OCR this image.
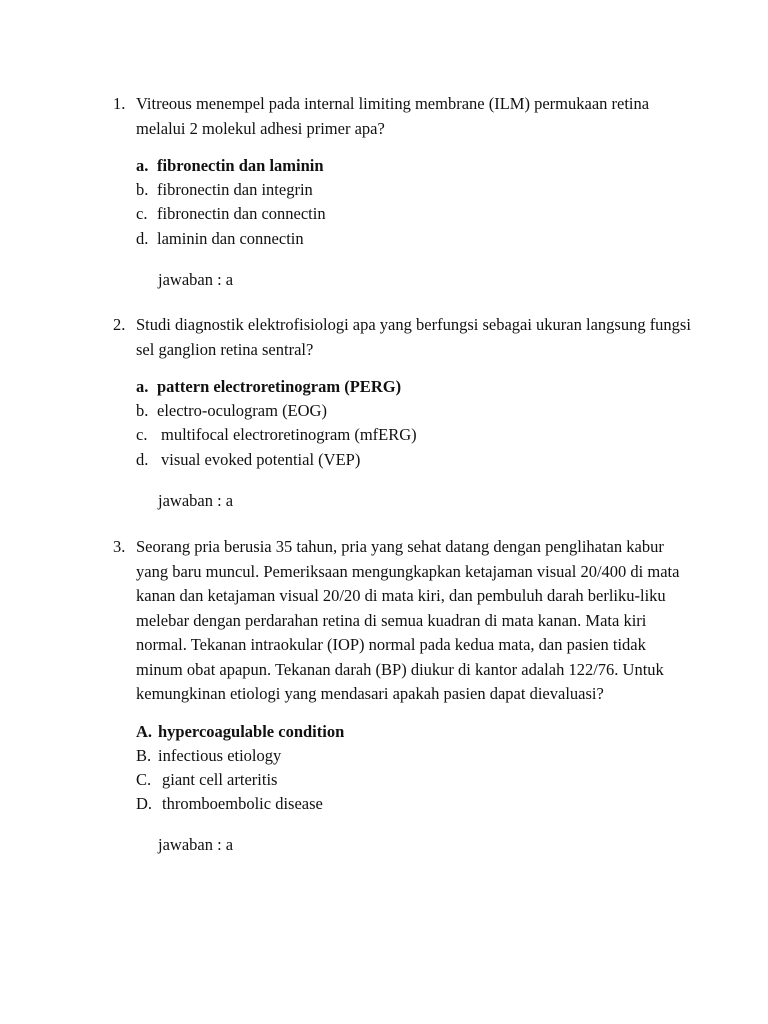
1. Vitreous menempel pada internal limiting membrane (ILM) permukaan retina melalui 2 molekul adhesi primer apa?
a. fibronectin dan laminin
b. fibronectin dan integrin
c. fibronectin dan connectin
d. laminin dan connectin
jawaban : a
2. Studi diagnostik elektrofisiologi apa yang berfungsi sebagai ukuran langsung fungsi sel ganglion retina sentral?
a. pattern electroretinogram (PERG)
b. electro-oculogram (EOG)
c. multifocal electroretinogram (mfERG)
d. visual evoked potential (VEP)
jawaban : a
3. Seorang pria berusia 35 tahun, pria yang sehat datang dengan penglihatan kabur yang baru muncul. Pemeriksaan mengungkapkan ketajaman visual 20/400 di mata kanan dan ketajaman visual 20/20 di mata kiri, dan pembuluh darah berliku-liku melebar dengan perdarahan retina di semua kuadran di mata kanan. Mata kiri normal. Tekanan intraokular (IOP) normal pada kedua mata, dan pasien tidak minum obat apapun. Tekanan darah (BP) diukur di kantor adalah 122/76. Untuk kemungkinan etiologi yang mendasari apakah pasien dapat dievaluasi?
A. hypercoagulable condition
B. infectious etiology
C. giant cell arteritis
D. thromboembolic disease
jawaban : a
